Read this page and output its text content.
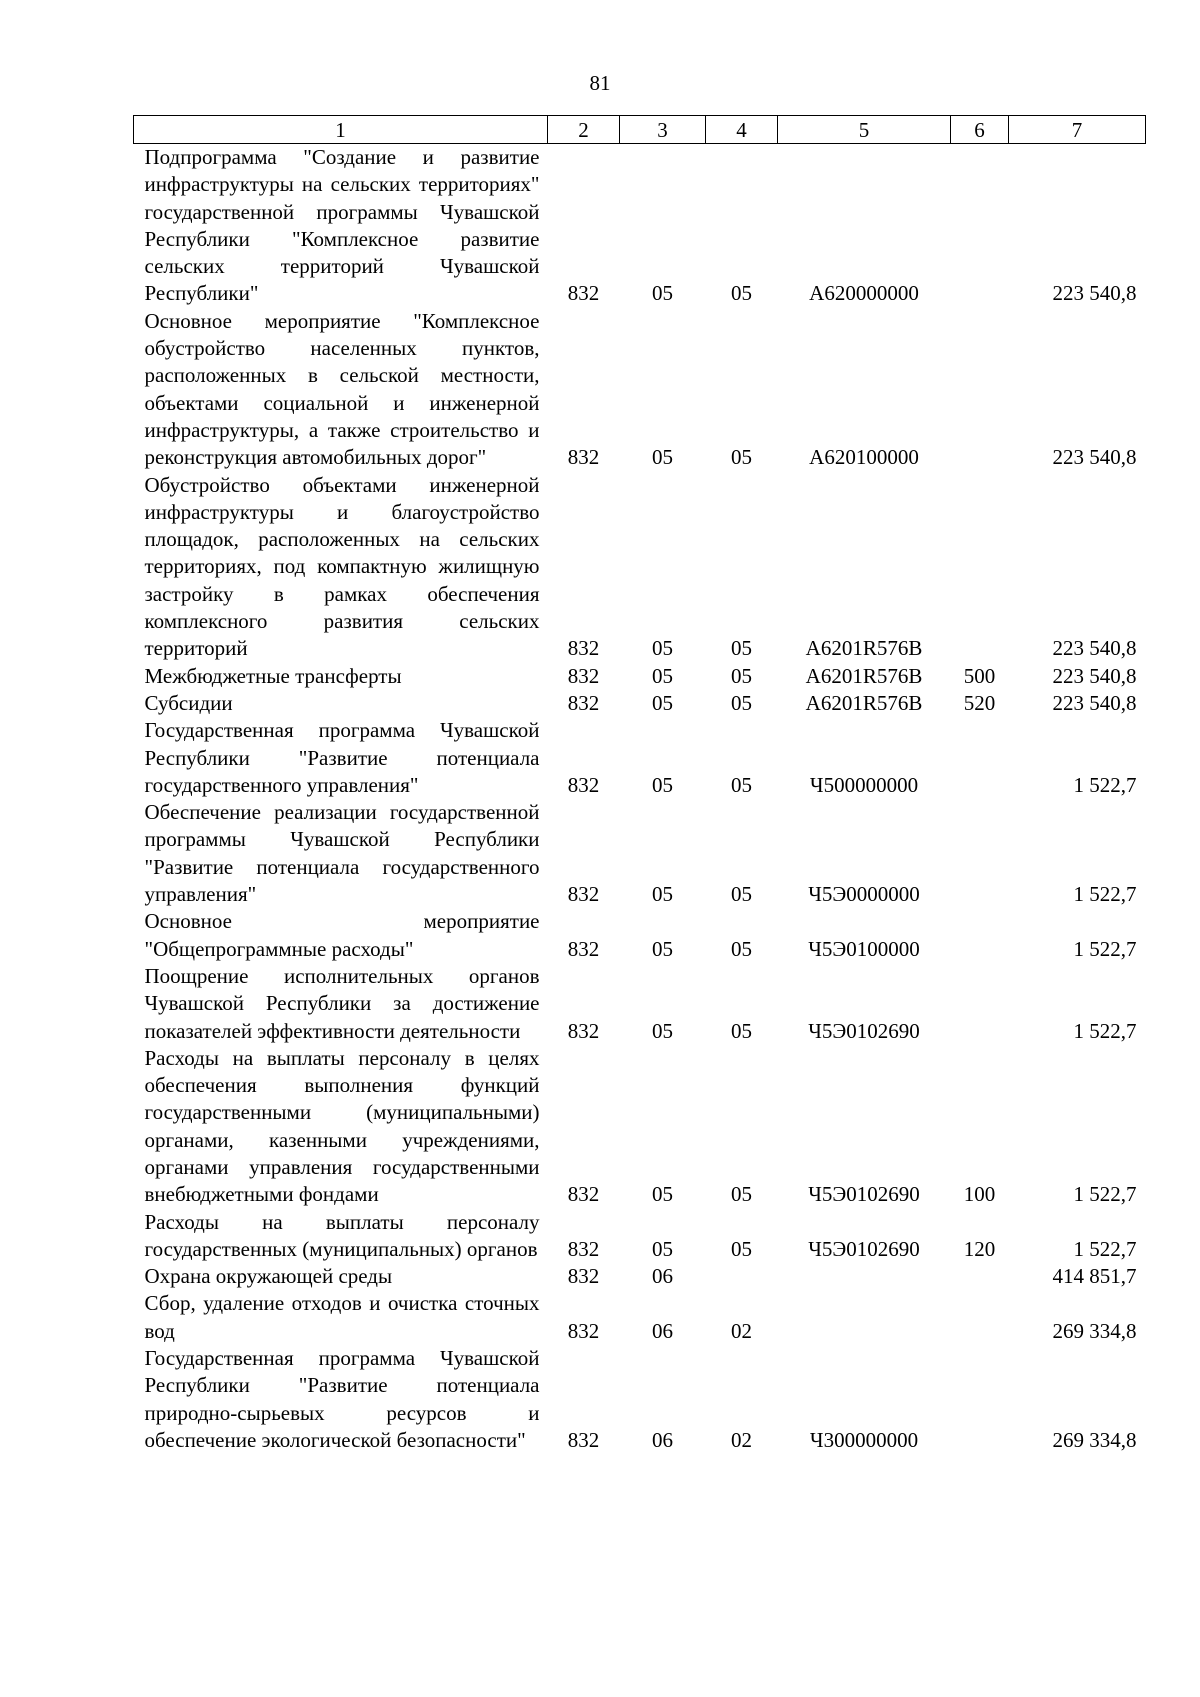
81
1	2	3	4	5	6	7
Подпрограмма "Создание и развитие инфраструктуры на сельских территориях" государственной программы Чувашской Республики "Комплексное развитие сельских территорий Чувашской Республики"	832	05	05	А620000000		223 540,8
Основное мероприятие "Комплексное обустройство населенных пунктов, расположенных в сельской местности, объектами социальной и инженерной инфраструктуры, а также строительство и реконструкция автомобильных дорог"	832	05	05	А620100000		223 540,8
Обустройство объектами инженерной инфраструктуры и благоустройство площадок, расположенных на сельских территориях, под компактную жилищную застройку в рамках обеспечения комплексного развития сельских территорий	832	05	05	А6201R576В		223 540,8
Межбюджетные трансферты	832	05	05	А6201R576В	500	223 540,8
Субсидии	832	05	05	А6201R576В	520	223 540,8
Государственная программа Чувашской Республики "Развитие потенциала государственного управления"	832	05	05	Ч500000000		1 522,7
Обеспечение реализации государственной программы Чувашской Республики "Развитие потенциала государственного управления"	832	05	05	Ч5Э0000000		1 522,7
Основное мероприятие "Общепрограммные расходы"	832	05	05	Ч5Э0100000		1 522,7
Поощрение исполнительных органов Чувашской Республики за достижение показателей эффективности деятельности	832	05	05	Ч5Э0102690		1 522,7
Расходы на выплаты персоналу в целях обеспечения выполнения функций государственными (муниципальными) органами, казенными учреждениями, органами управления государственными внебюджетными фондами	832	05	05	Ч5Э0102690	100	1 522,7
Расходы на выплаты персоналу государственных (муниципальных) органов	832	05	05	Ч5Э0102690	120	1 522,7
Охрана окружающей среды	832	06				414 851,7
Сбор, удаление отходов и очистка сточных вод	832	06	02			269 334,8
Государственная программа Чувашской Республики "Развитие потенциала природно-сырьевых ресурсов и обеспечение экологической безопасности"	832	06	02	Ч300000000		269 334,8
